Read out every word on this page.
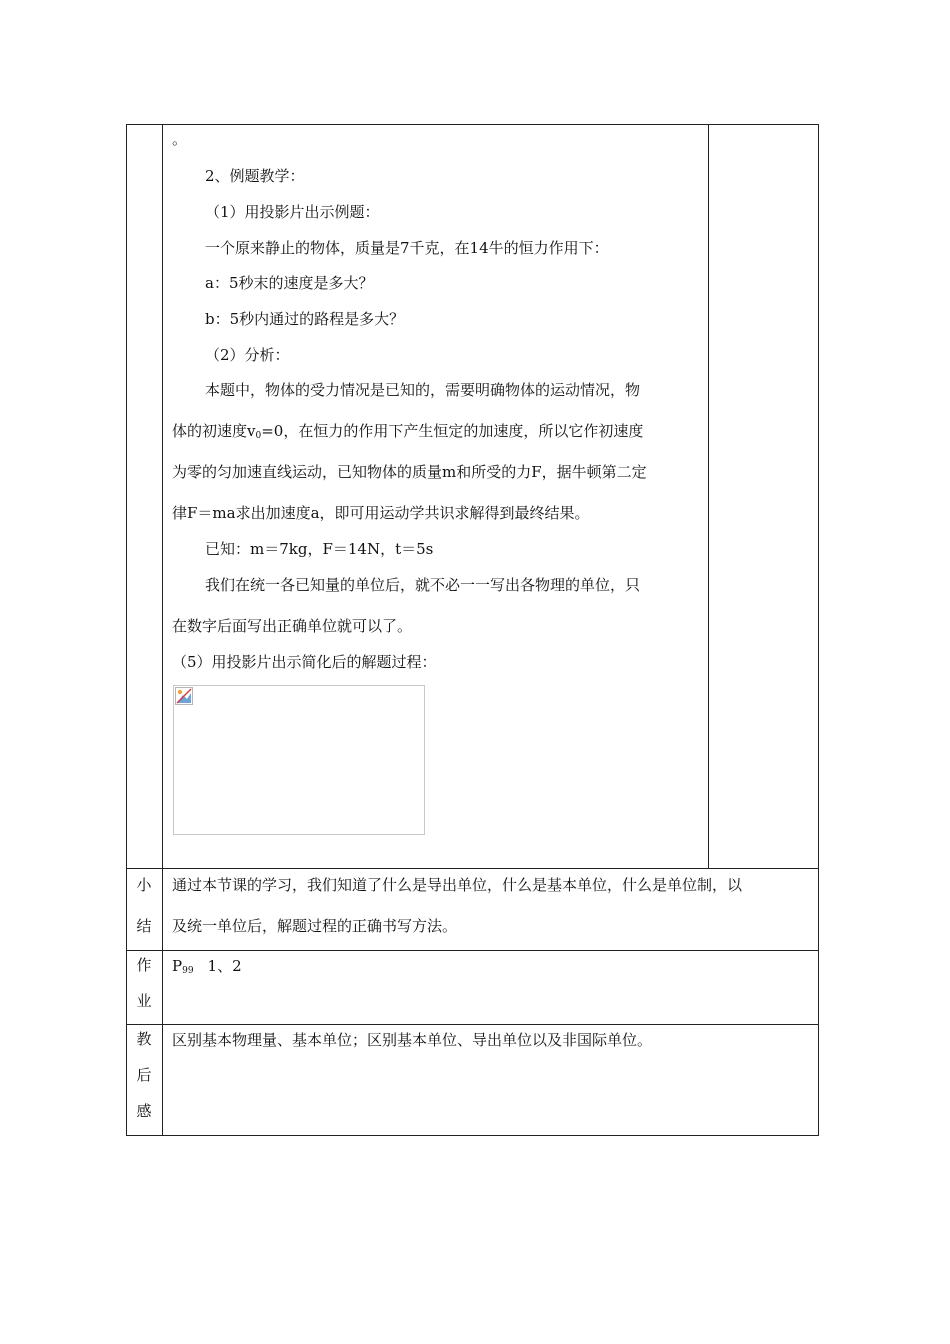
。
2、例题教学：
（1）用投影片出示例题：
一个原来静止的物体，质量是7千克，在14牛的恒力作用下：
a：5秒末的速度是多大？
b：5秒内通过的路程是多大？
（2）分析：
本题中，物体的受力情况是已知的，需要明确物体的运动情况，物
体的初速度$v_0=0$，在恒力的作用下产生恒定的加速度，所以它作初速度
为零的匀加速直线运动，已知物体的质量m和所受的力F，据牛顿第二定
律F＝ma求出加速度a，即可用运动学共识求解得到最终结果。
已知：m＝7kg，F＝14N，t＝5s
我们在统一各已知量的单位后，就不必一一写出各物理的单位，只
在数字后面写出正确单位就可以了。
（5）用投影片出示简化后的解题过程：
小
结
通过本节课的学习，我们知道了什么是导出单位，什么是基本单位，什么是单位制，以
及统一单位后，解题过程的正确书写方法。
作
业
$P_{99}$ 1、2
教
后
感
区别基本物理量、基本单位；区别基本单位、导出单位以及非国际单位。
